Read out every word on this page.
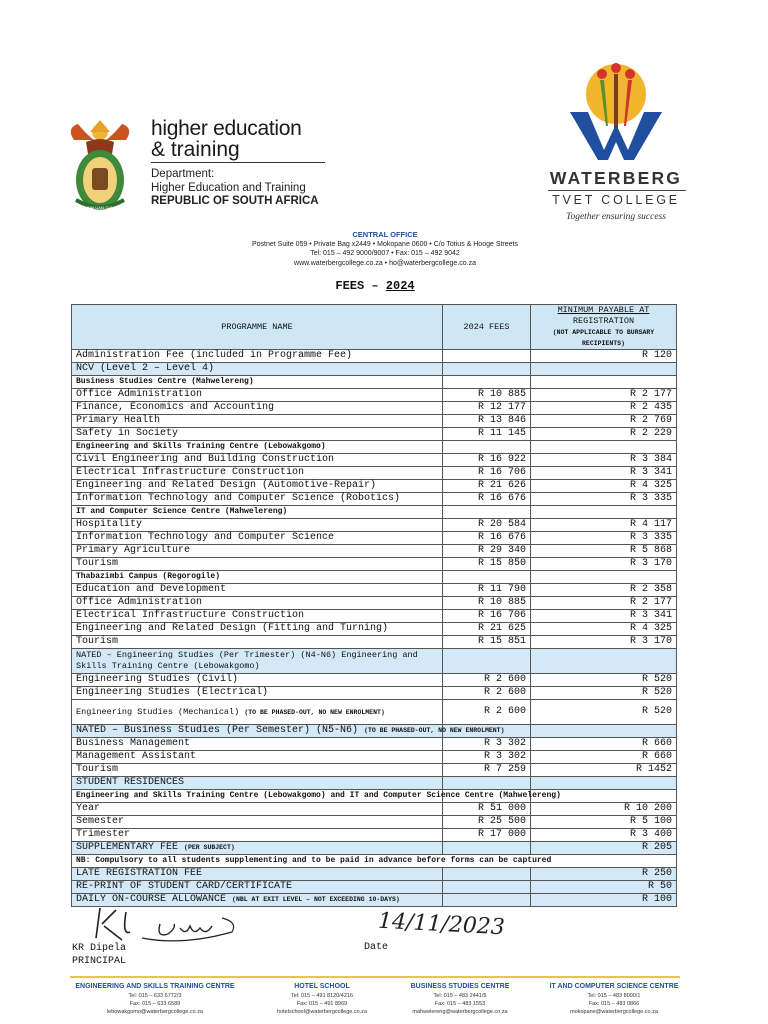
KARIN HAN GUVOI
higher education
& training
Department:
Higher Education and Training
REPUBLIC OF SOUTH AFRICA
WATERBERG
TVET COLLEGE
Together ensuring success
CENTRAL OFFICE
Postnet Suite 059 • Private Bag x2449 • Mokopane 0600 • C/o Totius & Hooge Streets
Tel: 015 – 492 9000/9007 • Fax: 015 – 492 9042
www.waterbergcollege.co.za • ho@waterbergcollege.co.za
FEES – 2024
PROGRAMME NAME	2024 FEES	MINIMUM PAYABLE AT
REGISTRATION
(NOT APPLICABLE TO BURSARY RECIPIENTS)

Administration Fee (included in Programme Fee)		R 120
NCV (Level 2 – Level 4)		
Business Studies Centre (Mahwelereng)		
Office Administration	R 10 885	R 2 177
Finance, Economics and Accounting	R 12 177	R 2 435
Primary Health	R 13 846	R 2 769
Safety in Society	R 11 145	R 2 229
Engineering and Skills Training Centre (Lebowakgomo)		
Civil Engineering and Building Construction	R 16 922	R 3 384
Electrical Infrastructure Construction	R 16 706	R 3 341
Engineering and Related Design (Automotive-Repair)	R 21 626	R 4 325
Information Technology and Computer Science (Robotics)	R 16 676	R 3 335
IT and Computer Science Centre (Mahwelereng)		
Hospitality	R 20 584	R 4 117
Information Technology and Computer Science	R 16 676	R 3 335
Primary Agriculture	R 29 340	R 5 868
Tourism	R 15 850	R 3 170
Thabazimbi Campus (Regorogile)		
Education and Development	R 11 790	R 2 358
Office Administration	R 10 885	R 2 177
Electrical Infrastructure Construction	R 16 706	R 3 341
Engineering and Related Design (Fitting and Turning)	R 21 625	R 4 325
Tourism	R 15 851	R 3 170
NATED – Engineering Studies (Per Trimester) (N4-N6) Engineering and Skills Training Centre (Lebowakgomo)		
Engineering Studies (Civil)	R 2 600	R 520
Engineering Studies (Electrical)	R 2 600	R 520
Engineering Studies (Mechanical) (TO BE PHASED-OUT, NO NEW ENROLMENT)	R 2 600	R 520
NATED – Business Studies (Per Semester) (N5-N6) (TO BE PHASED-OUT, NO NEW ENROLMENT)		
Business Management	R 3 302	R 660
Management Assistant	R 3 302	R 660
Tourism	R 7 259	R 1452
STUDENT RESIDENCES		
Engineering and Skills Training Centre (Lebowakgomo) and IT and Computer Science Centre (Mahwelereng)		
Year	R 51 000	R 10 200
Semester	R 25 500	R 5 100
Trimester	R 17 000	R 3 400
SUPPLEMENTARY FEE (PER SUBJECT)		R 205
NB: Compulsory to all students supplementing and to be paid in advance before forms can be captured		
LATE REGISTRATION FEE		R 250
RE-PRINT OF STUDENT CARD/CERTIFICATE		R 50
DAILY ON-COURSE ALLOWANCE (NBL AT EXIT LEVEL – NOT EXCEEDING 10-DAYS)		R 100
KR Dipela
PRINCIPAL
14/11/2023
Date
ENGINEERING AND SKILLS TRAINING CENTRE
Tel: 015 – 633 6772/3
Fax: 015 – 633 6589
lebowakgomo@waterbergcollege.co.za
HOTEL SCHOOL
Tel: 015 – 491 8120/4216
Fax: 015 – 491 8969
hotelschool@waterbergcollege.co.za
BUSINESS STUDIES CENTRE
Tel: 015 – 483 2441/5
Fax: 015 – 483 1553
mahwelereng@waterbergcollege.co.za
IT AND COMPUTER SCIENCE CENTRE
Tel: 015 – 483 8090/1
Fax: 015 – 483 0866
mokopane@waterbergcollege.co.za
